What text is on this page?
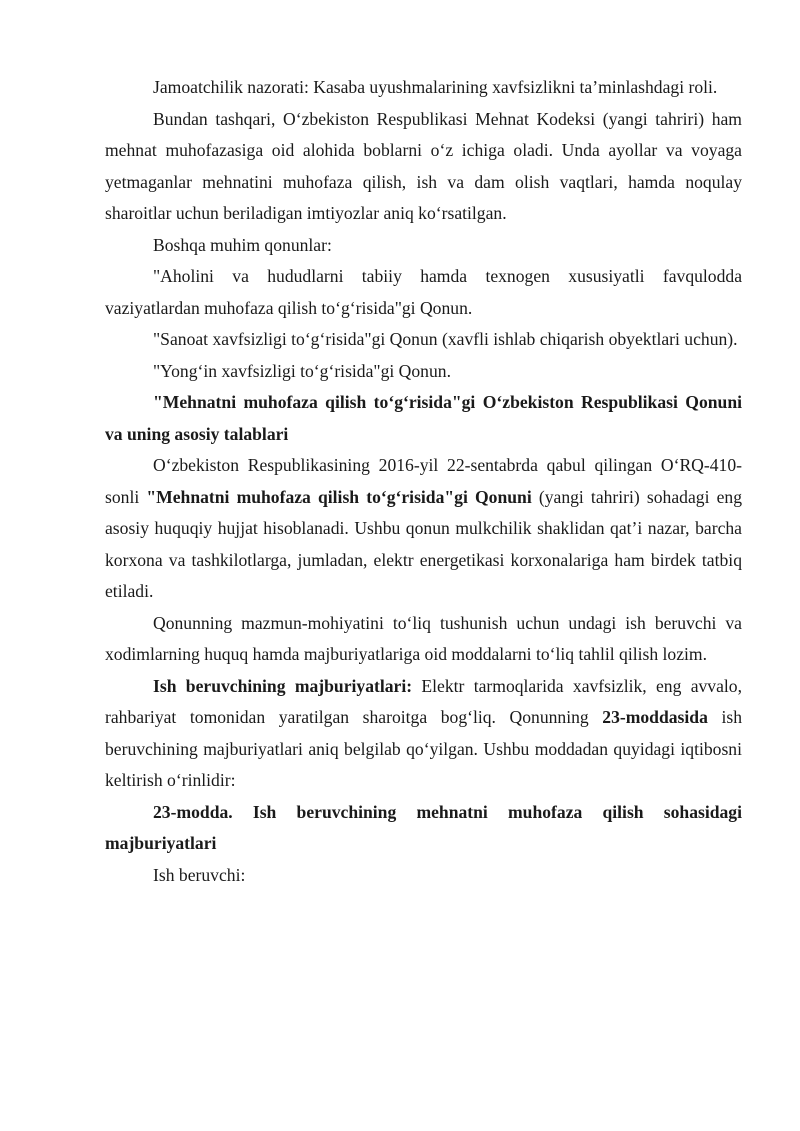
Jamoatchilik nazorati: Kasaba uyushmalarining xavfsizlikni ta’minlashdagi roli.

Bundan tashqari, O‘zbekiston Respublikasi Mehnat Kodeksi (yangi tahriri) ham mehnat muhofazasiga oid alohida boblarni o‘z ichiga oladi. Unda ayollar va voyaga yetmaganlar mehnatini muhofaza qilish, ish va dam olish vaqtlari, hamda noqulay sharoitlar uchun beriladigan imtiyozlar aniq ko‘rsatilgan.

Boshqa muhim qonunlar:

"Aholini va hududlarni tabiiy hamda texnogen xususiyatli favqulodda vaziyatlardan muhofaza qilish to‘g‘risida"gi Qonun.

"Sanoat xavfsizligi to‘g‘risida"gi Qonun (xavfli ishlab chiqarish obyektlari uchun).

"Yong‘in xavfsizligi to‘g‘risida"gi Qonun.

"Mehnatni muhofaza qilish to‘g‘risida"gi O‘zbekiston Respublikasi Qonuni va uning asosiy talablari

O‘zbekiston Respublikasining 2016-yil 22-sentabrda qabul qilingan O‘RQ-410-sonli "Mehnatni muhofaza qilish to‘g‘risida"gi Qonuni (yangi tahriri) sohadagi eng asosiy huquqiy hujjat hisoblanadi. Ushbu qonun mulkchilik shaklidan qat’i nazar, barcha korxona va tashkilotlarga, jumladan, elektr energetikasi korxonalariga ham birdek tatbiq etiladi.

Qonunning mazmun-mohiyatini to‘liq tushunish uchun undagi ish beruvchi va xodimlarning huquq hamda majburiyatlariga oid moddalarni to‘liq tahlil qilish lozim.

Ish beruvchining majburiyatlari: Elektr tarmoqlarida xavfsizlik, eng avvalo, rahbariyat tomonidan yaratilgan sharoitga bog‘liq. Qonunning 23-moddasida ish beruvchining majburiyatlari aniq belgilab qo‘yilgan. Ushbu moddadan quyidagi iqtibosni keltirish o‘rinlidir:

23-modda. Ish beruvchining mehnatni muhofaza qilish sohasidagi majburiyatlari

Ish beruvchi:
